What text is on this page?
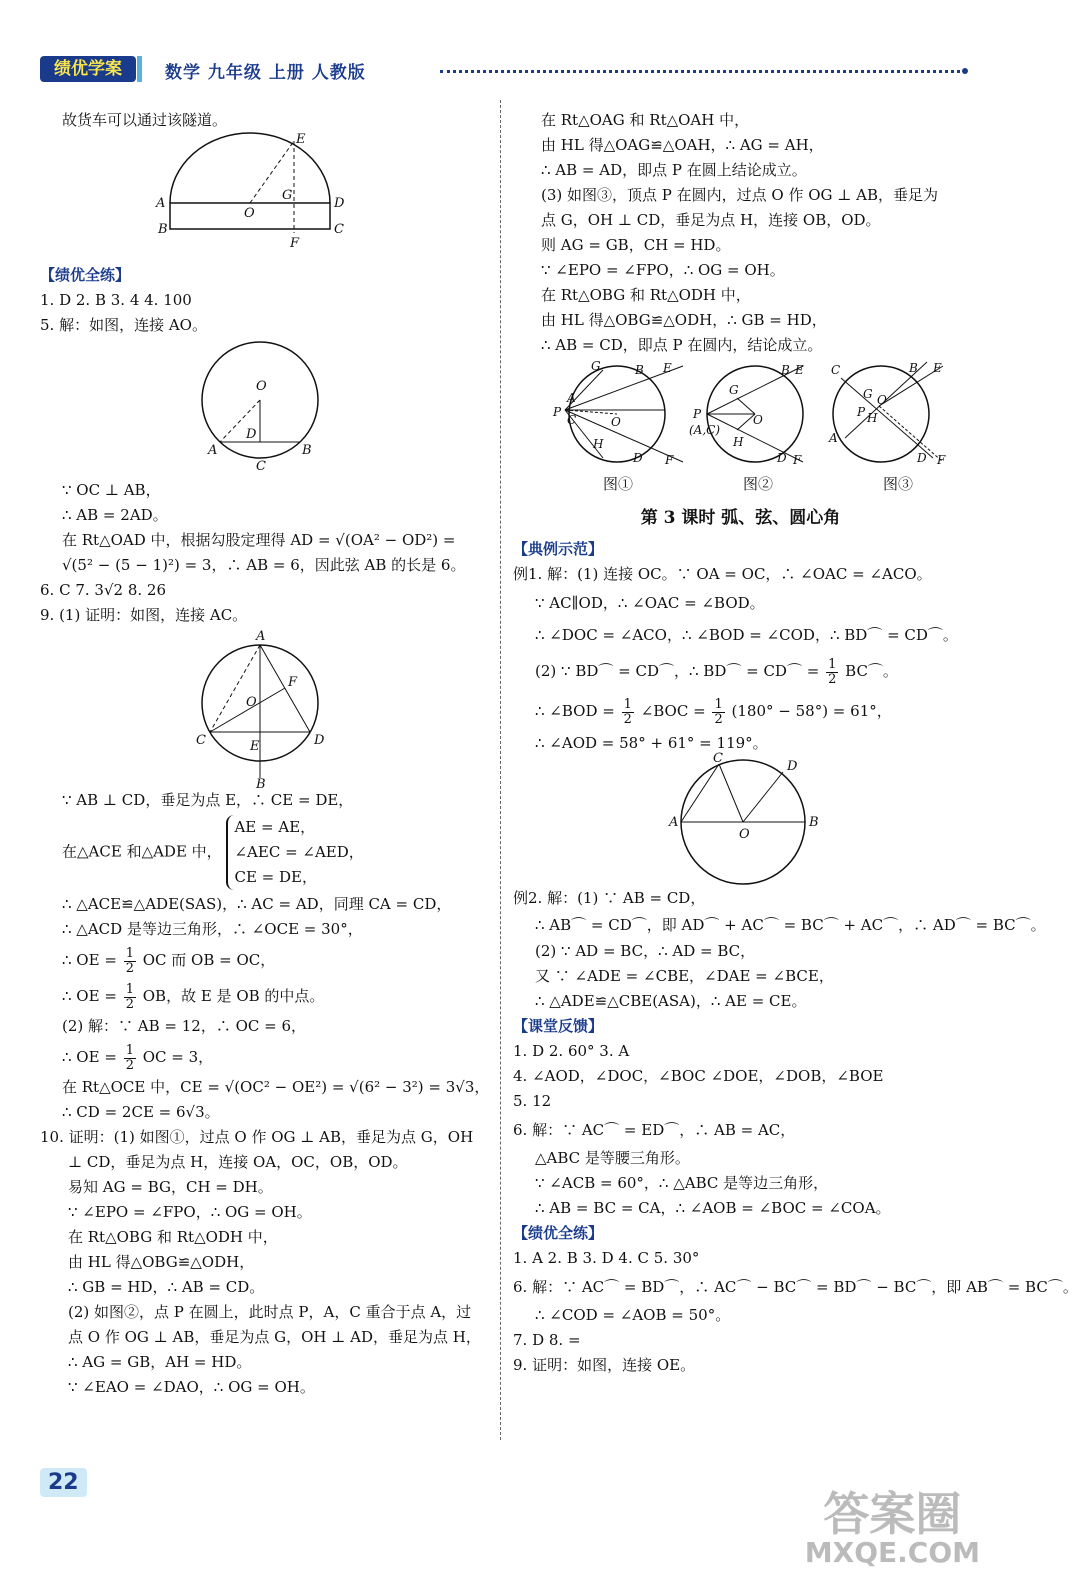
绩优学案	数学 九年级 上册 人教版
故货车可以通过该隧道。
E
A	D
B	C
O
G
F
【绩优全练】
1. D 2. B 3. 4 4. 100
5. 解：如图，连接 AO。
O
A	B
D
C
∵ OC ⊥ AB，
∴ AB = 2AD。
在 Rt△OAD 中，根据勾股定理得 AD = √(OA² − OD²) =
√(5² − (5 − 1)²) = 3，∴ AB = 6，因此弦 AB 的长是 6。
6. C 7. 3√2 8. 26
9. (1) 证明：如图，连接 AC。
A
O
F
C	D
E
B
∵ AB ⊥ CD，垂足为点 E，∴ CE = DE，
在△ACE 和△ADE 中，
AE = AE，
∠AEC = ∠AED，
CE = DE，
∴ △ACE≌△ADE(SAS)，∴ AC = AD，同理 CA = CD，
∴ △ACD 是等边三角形，∴ ∠OCE = 30°，
∴ OE = $\frac{1}{2}$ OC 而 OB = OC，
∴ OE = $\frac{1}{2}$ OB，故 E 是 OB 的中点。
(2) 解：∵ AB = 12，∴ OC = 6，
∴ OE = $\frac{1}{2}$ OC = 3，
在 Rt△OCE 中，CE = √(OC² − OE²) = √(6² − 3²) = 3√3，
∴ CD = 2CE = 6√3。
10. 证明：(1) 如图①，过点 O 作 OG ⊥ AB，垂足为点 G，OH
⊥ CD，垂足为点 H，连接 OA，OC，OB，OD。
易知 AG = BG，CH = DH。
∵ ∠EPO = ∠FPO，∴ OG = OH。
在 Rt△OBG 和 Rt△ODH 中，
由 HL 得△OBG≌△ODH，
∴ GB = HD，∴ AB = CD。
(2) 如图②，点 P 在圆上，此时点 P，A，C 重合于点 A，过
点 O 作 OG ⊥ AB，垂足为点 G，OH ⊥ AD，垂足为点 H，
∴ AG = GB，AH = HD。
∵ ∠EAO = ∠DAO，∴ OG = OH。
在 Rt△OAG 和 Rt△OAH 中，
由 HL 得△OAG≌△OAH，∴ AG = AH，
∴ AB = AD，即点 P 在圆上结论成立。
(3) 如图③，顶点 P 在圆内，过点 O 作 OG ⊥ AB，垂足为
点 G，OH ⊥ CD，垂足为点 H，连接 OB，OD。
则 AG = GB，CH = HD。
∵ ∠EPO = ∠FPO，∴ OG = OH。
在 Rt△OBG 和 Rt△ODH 中，
由 HL 得△OBG≌△ODH，∴ GB = HD，
∴ AB = CD，即点 P 在圆内，结论成立。
G	B E
A
P
C	O
H
D F
G
B E
P
(A,C)
O
H
D F
C	B E
G O
P H
A
D F
图①	图②	图③
第 3 课时 弧、弦、圆心角
【典例示范】
例1. 解：(1) 连接 OC。∵ OA = OC，∴ ∠OAC = ∠ACO。
∵ AC∥OD，∴ ∠OAC = ∠BOD。
∴ ∠DOC = ∠ACO，∴ ∠BOD = ∠COD，∴ BD⌒ = CD⌒。
(2) ∵ BD⌒ = CD⌒，∴ BD⌒ = CD⌒ = $\frac{1}{2}$ BC⌒。
∴ ∠BOD = $\frac{1}{2}$ ∠BOC = $\frac{1}{2} (180^\circ - 58^\circ) = 61^\circ$，
∴ ∠AOD = 58° + 61° = 119°。
C
D
A	B
O
例2. 解：(1) ∵ AB = CD，
∴ AB⌒ = CD⌒，即 AD⌒ + AC⌒ = BC⌒ + AC⌒，∴ AD⌒ = BC⌒。
(2) ∵ AD = BC，∴ AD = BC，
又 ∵ ∠ADE = ∠CBE，∠DAE = ∠BCE，
∴ △ADE≌△CBE(ASA)，∴ AE = CE。
【课堂反馈】
1. D 2. 60° 3. A
4. ∠AOD，∠DOC，∠BOC ∠DOE，∠DOB，∠BOE
5. 12
6. 解：∵ AC⌒ = ED⌒，∴ AB = AC，
△ABC 是等腰三角形。
∵ ∠ACB = 60°，∴ △ABC 是等边三角形，
∴ AB = BC = CA，∴ ∠AOB = ∠BOC = ∠COA。
【绩优全练】
1. A 2. B 3. D 4. C 5. 30°
6. 解：∵ AC⌒ = BD⌒，∴ AC⌒ − BC⌒ = BD⌒ − BC⌒，即 AB⌒ = BC⌒。
∴ ∠COD = ∠AOB = 50°。
7. D 8. =
9. 证明：如图，连接 OE。
22
答案圈
MXQE.COM
